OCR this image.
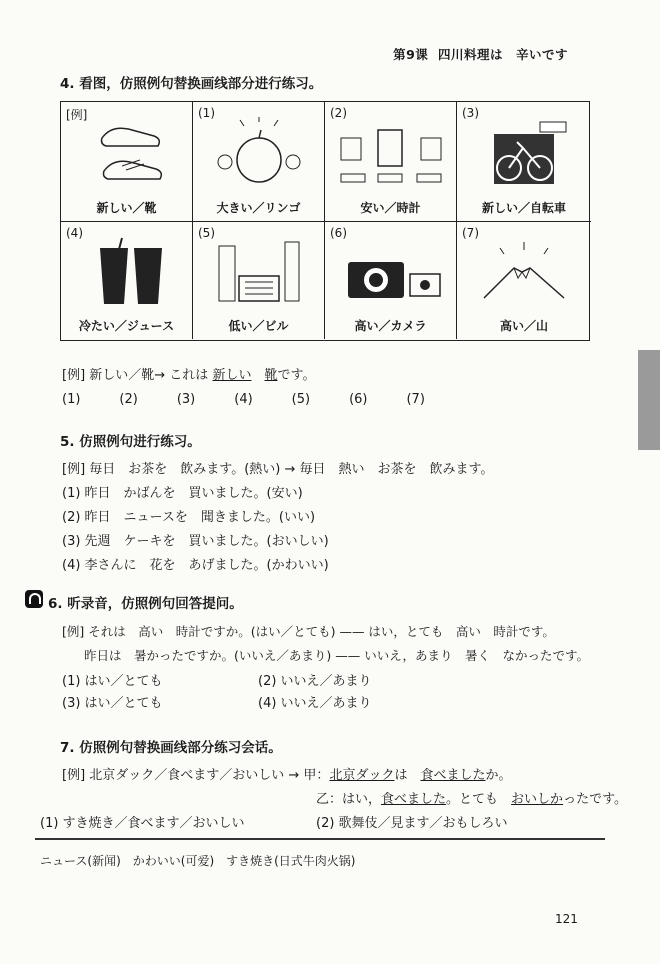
第9课 四川料理は　辛いです
4. 看图，仿照例句替换画线部分进行练习。
[例]
新しい／靴
(1)
大きい／リンゴ
(2)
安い／時計
(3)
新しい／自転車
(4)
冷たい／ジュース
(5)
低い／ビル
(6)
高い／カメラ
(7)
高い／山
[例] 新しい／靴→ これは 新しい　 靴です。
(1)　　　(2)　　　(3)　　　(4)　　　(5)　　　(6)　　　(7)
5. 仿照例句进行练习。
[例] 毎日　お茶を　飲みます。(熱い) → 毎日　熱い　お茶を　飲みます。
(1) 昨日　かばんを　買いました。(安い)
(2) 昨日　ニュースを　聞きました。(いい)
(3) 先週　ケーキを　買いました。(おいしい)
(4) 李さんに　花を　あげました。(かわいい)
6. 听录音，仿照例句回答提问。
[例] それは　高い　時計ですか。(はい／とても) —— はい，とても　高い　時計です。
昨日は　暑かったですか。(いいえ／あまり) —— いいえ，あまり　暑く　なかったです。
(1) はい／とても	(2) いいえ／あまり
(3) はい／とても	(4) いいえ／あまり
7. 仿照例句替换画线部分练习会话。
[例] 北京ダック／食べます／おいしい → 甲：北京ダックは　食べましたか。
乙：はい，食べました。とても　おいしかったです。
(1) すき焼き／食べます／おいしい	(2) 歌舞伎／見ます／おもしろい
ニュース(新闻)　かわいい(可爱)　すき焼き(日式牛肉火锅)
121
